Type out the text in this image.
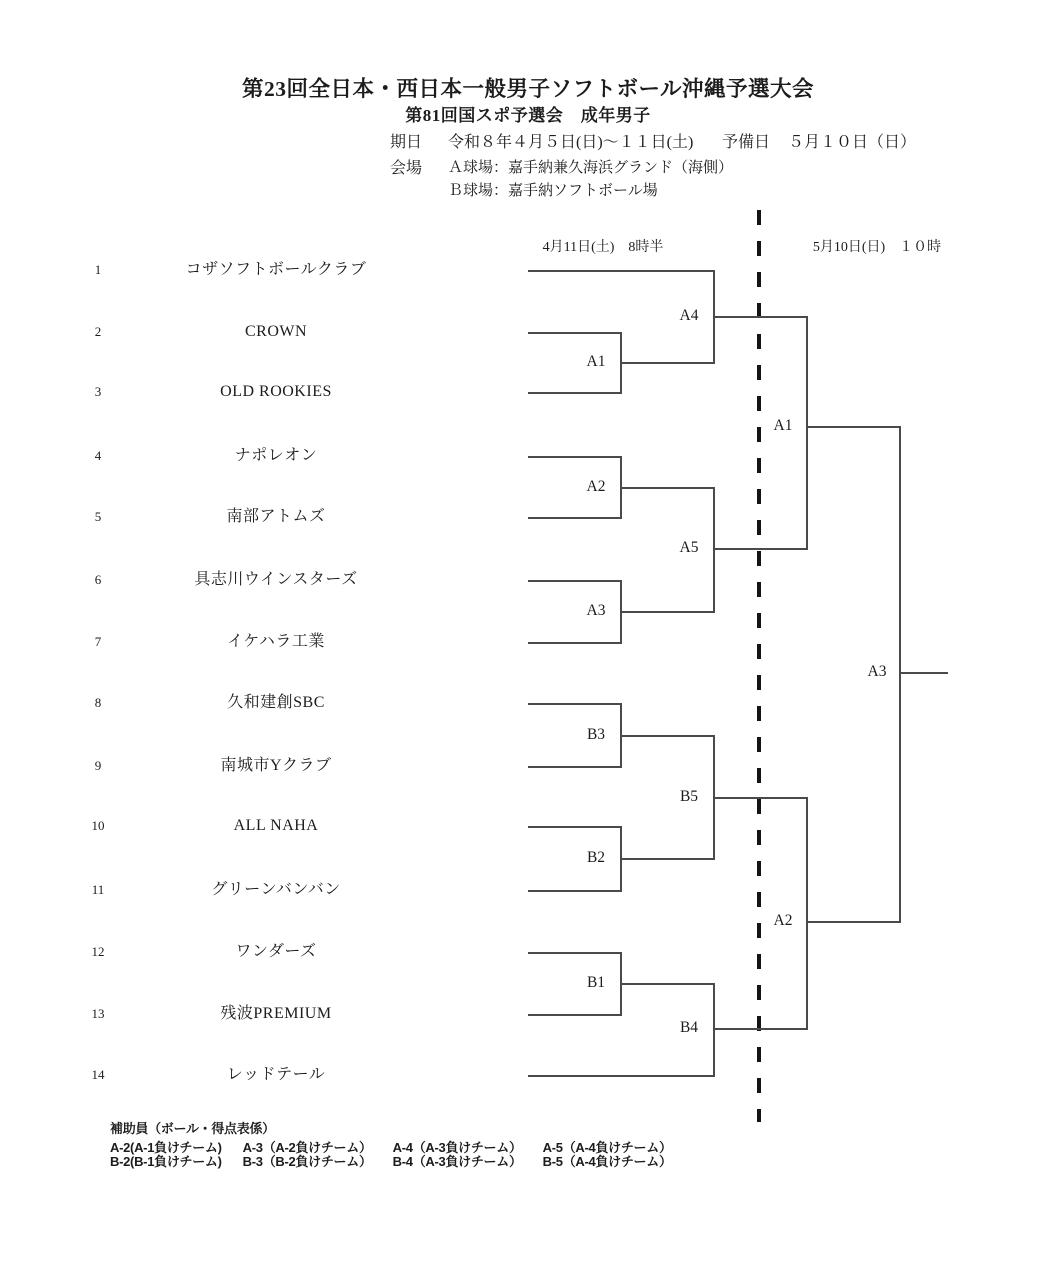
第23回全日本・西日本一般男子ソフトボール沖縄予選大会
第81回国スポ予選会　成年男子
期日 令和８年４月５日(日)～１１日(土) 予備日 ５月１０日（日）
会場 Ａ球場：嘉手納兼久海浜グランド（海側）
Ｂ球場：嘉手納ソフトボール場
4月11日(土)　8時半	5月10日(日)　１０時
1	コザソフトボールクラブ
2	CROWN
3	OLD ROOKIES
4	ナポレオン
5	南部アトムズ
6	具志川ウインスターズ
7	イケハラ工業
8	久和建創SBC
9	南城市Yクラブ
10	ALL NAHA
11	グリーンバンバン
12	ワンダーズ
13	残波PREMIUM
14	レッドテール
A1
A2
A3
B3
B2
B1
A4
A5
B5
B4
A1
A2
A3
補助員（ボール・得点表係）
A-2(A-1負けチーム) A-3（A-2負けチーム） A-4（A-3負けチーム） A-5（A-4負けチーム）
B-2(B-1負けチーム) B-3（B-2負けチーム） B-4（A-3負けチーム） B-5（A-4負けチーム）
